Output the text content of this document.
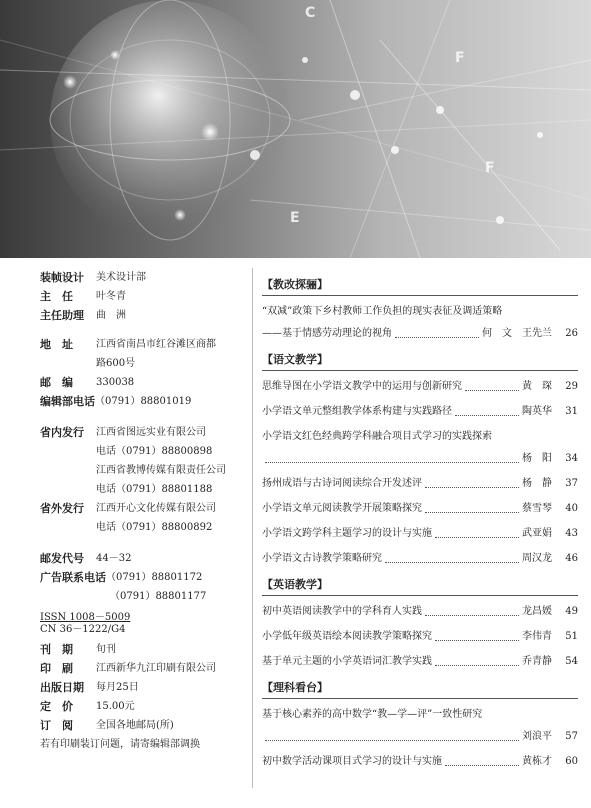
C
F
E
F
装帧设计	美术设计部
主　任	叶冬青
主任助理	曲　洲
地　址	江西省南昌市红谷滩区商都
路600号
邮　编	330038
编辑部电话 （0791）88801019
省内发行	江西省图远实业有限公司
电话（0791）88800898
江西省教博传媒有限责任公司
电话（0791）88801188
省外发行	江西开心文化传媒有限公司
电话（0791）88800892
邮发代号	44－32
广告联系电话 （0791）88801172
（0791）88801177
ISSN 1008－5009
CN 36－1222/G4
刊　期	旬刊
印　刷	江西新华九江印刷有限公司
出版日期	每月25日
定　价	15.00元
订　阅	全国各地邮局(所)
若有印刷装订问题，请寄编辑部调换
【教改探骊】
“双减”政策下乡村教师工作负担的现实表征及调适策略
——基于情感劳动理论的视角	何　文　王先兰	26
【语文教学】
思维导图在小学语文教学中的运用与创新研究	黄　琛	29
小学语文单元整组教学体系构建与实践路径	陶英华	31
小学语文红色经典跨学科融合项目式学习的实践探索
杨　阳	34
扬州成语与古诗词阅读综合开发述评	杨　静	37
小学语文单元阅读教学开展策略探究	蔡雪琴	40
小学语文跨学科主题学习的设计与实施	武亚娟	43
小学语文古诗教学策略研究	周汉龙	46
【英语教学】
初中英语阅读教学中的学科育人实践	龙昌媛	49
小学低年级英语绘本阅读教学策略探究	李伟青	51
基于单元主题的小学英语词汇教学实践	乔青静	54
【理科看台】
基于核心素养的高中数学“教—学—评”一致性研究
刘浪平	57
初中数学活动课项目式学习的设计与实施	黄栋才	60
